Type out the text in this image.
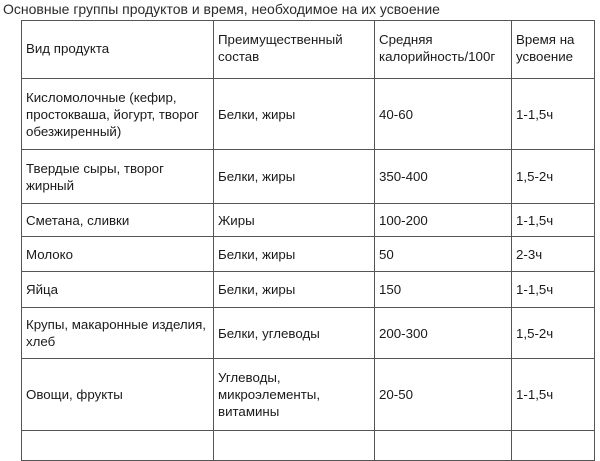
Основные группы продуктов и время, необходимое на их усвоение
Вид продукта	Преимущественный состав	Средняя калорийность/100г	Время на усвоение
Кисломолочные (кефир, простокваша, йогурт, творог обезжиренный)	Белки, жиры	40-60	1-1,5ч
Твердые сыры, творог жирный	Белки, жиры	350-400	1,5-2ч
Сметана, сливки	Жиры	100-200	1-1,5ч
Молоко	Белки, жиры	50	2-3ч
Яйца	Белки, жиры	150	1-1,5ч
Крупы, макаронные изделия, хлеб	Белки, углеводы	200-300	1,5-2ч
Овощи, фрукты	Углеводы, микроэлементы, витамины	20-50	1-1,5ч
